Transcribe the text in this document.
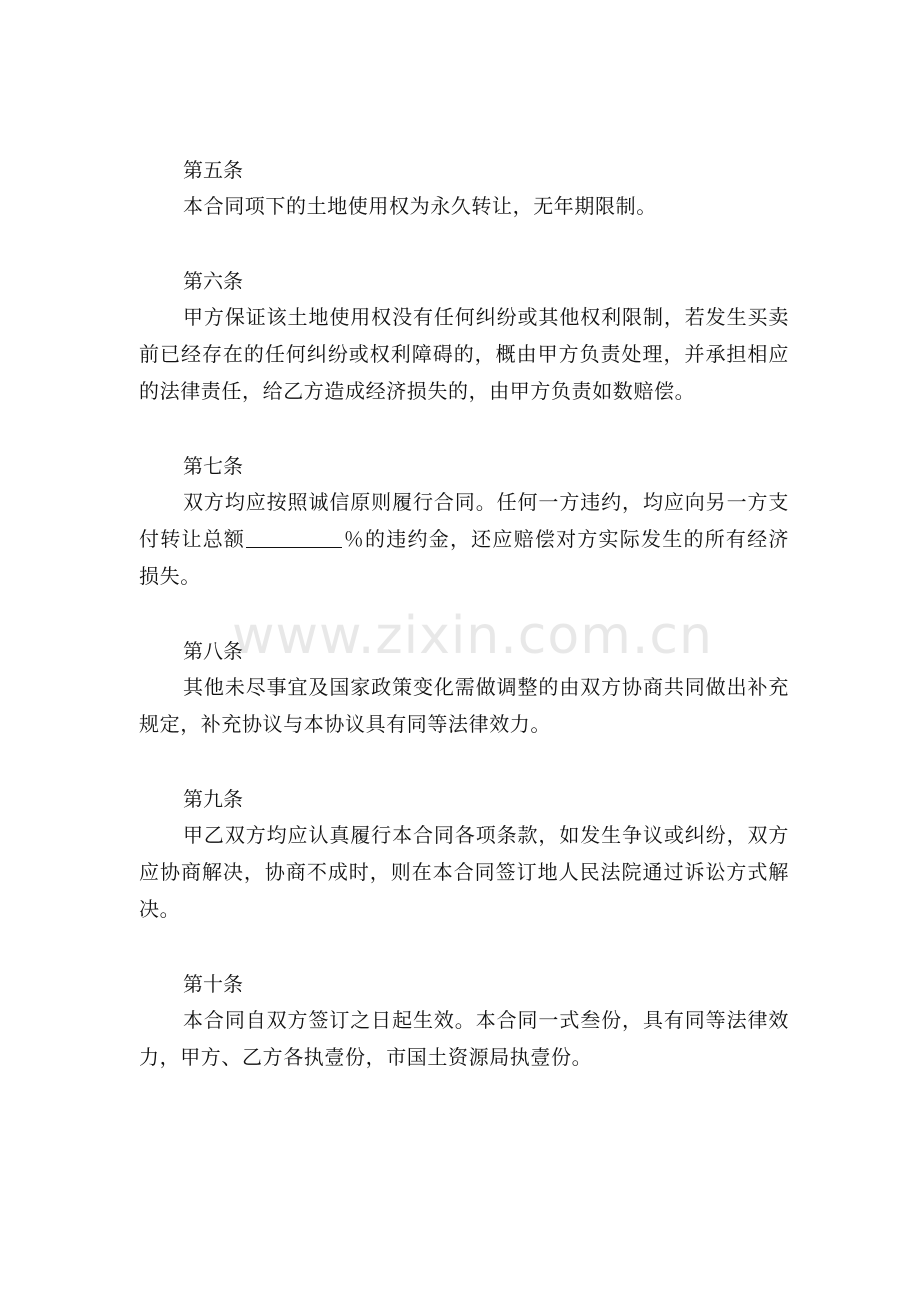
第五条
本合同项下的土地使用权为永久转让，无年期限制。
第六条
甲方保证该土地使用权没有任何纠纷或其他权利限制，若发生买卖前已经存在的任何纠纷或权利障碍的，概由甲方负责处理，并承担相应的法律责任，给乙方造成经济损失的，由甲方负责如数赔偿。
第七条
双方均应按照诚信原则履行合同。任何一方违约，均应向另一方支付转让总额	％的违约金，还应赔偿对方实际发生的所有经济损失。
第八条
其他未尽事宜及国家政策变化需做调整的由双方协商共同做出补充规定，补充协议与本协议具有同等法律效力。
第九条
甲乙双方均应认真履行本合同各项条款，如发生争议或纠纷，双方应协商解决，协商不成时，则在本合同签订地人民法院通过诉讼方式解决。
第十条
本合同自双方签订之日起生效。本合同一式叁份，具有同等法律效力，甲方、乙方各执壹份，市国土资源局执壹份。
www.zixin.com.cn
